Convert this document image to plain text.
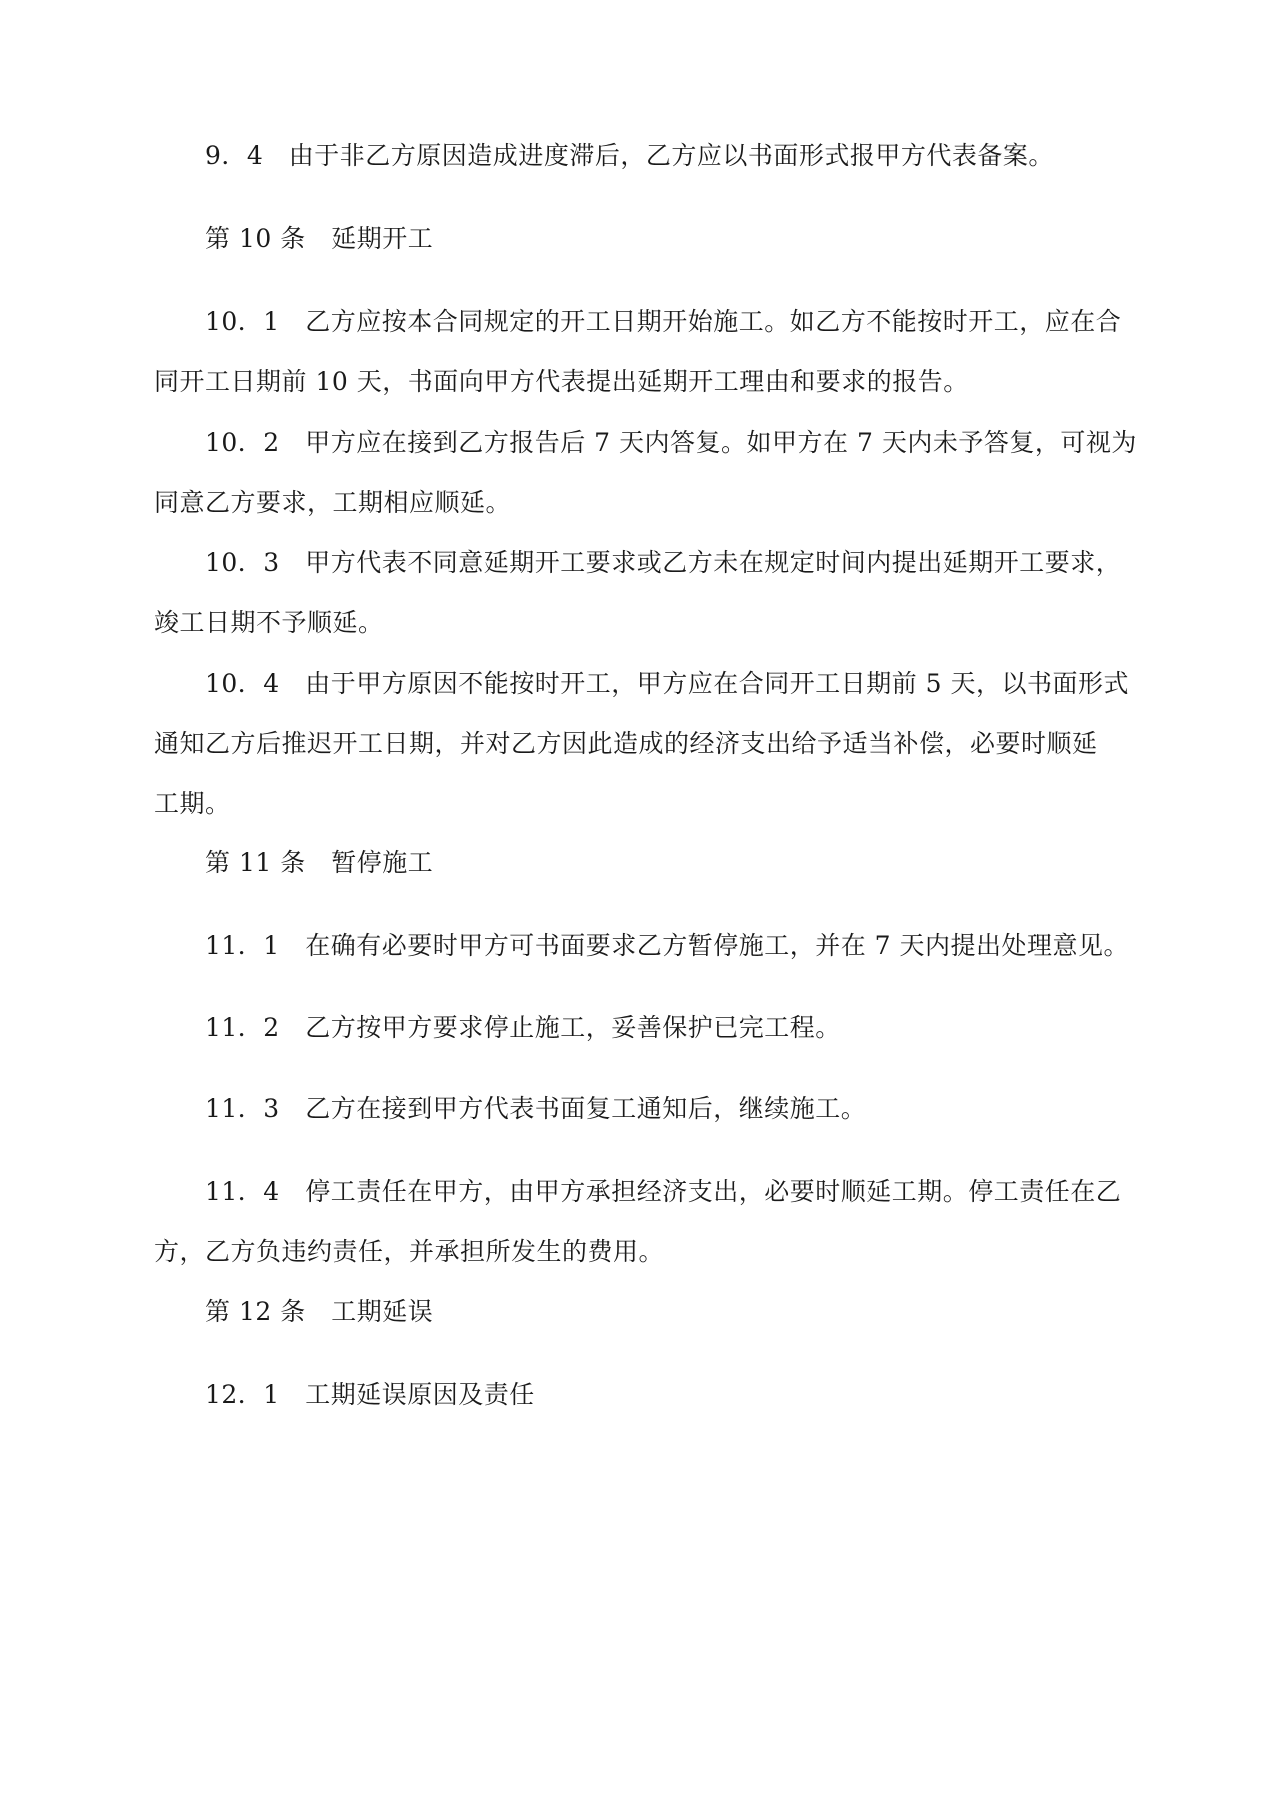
9．4　由于非乙方原因造成进度滞后，乙方应以书面形式报甲方代表备案。

第 10 条　延期开工

10．1　乙方应按本合同规定的开工日期开始施工。如乙方不能按时开工，应在合
同开工日期前 10 天，书面向甲方代表提出延期开工理由和要求的报告。

10．2　甲方应在接到乙方报告后 7 天内答复。如甲方在 7 天内未予答复，可视为
同意乙方要求，工期相应顺延。

10．3　甲方代表不同意延期开工要求或乙方未在规定时间内提出延期开工要求，
竣工日期不予顺延。

10．4　由于甲方原因不能按时开工，甲方应在合同开工日期前 5 天，以书面形式
通知乙方后推迟开工日期，并对乙方因此造成的经济支出给予适当补偿，必要时顺延
工期。

第 11 条　暂停施工

11．1　在确有必要时甲方可书面要求乙方暂停施工，并在 7 天内提出处理意见。

11．2　乙方按甲方要求停止施工，妥善保护已完工程。

11．3　乙方在接到甲方代表书面复工通知后，继续施工。

11．4　停工责任在甲方，由甲方承担经济支出，必要时顺延工期。停工责任在乙
方，乙方负违约责任，并承担所发生的费用。

第 12 条　工期延误

12．1　工期延误原因及责任
